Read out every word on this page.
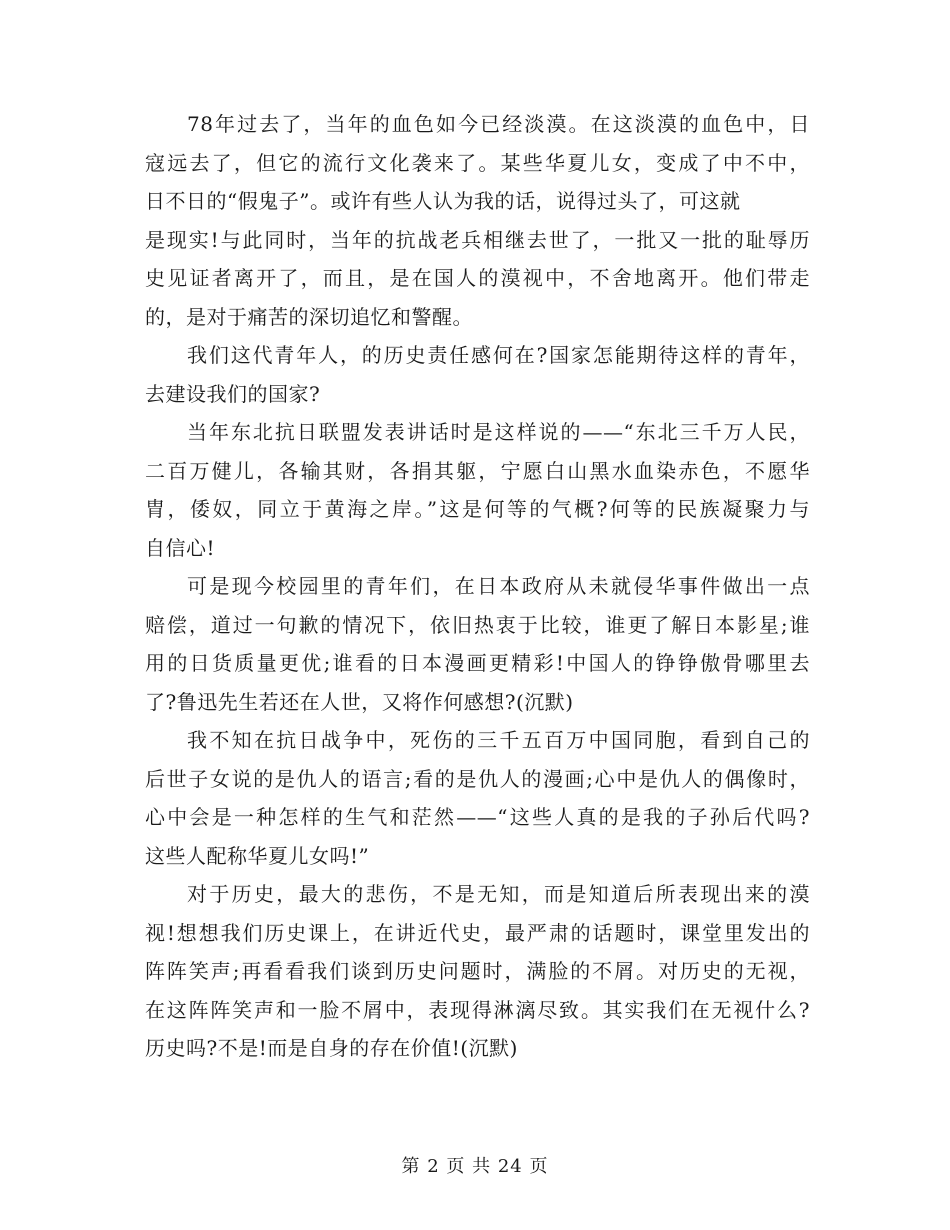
78年过去了，当年的血色如今已经淡漠。在这淡漠的血色中，日
寇远去了，但它的流行文化袭来了。某些华夏儿女，变成了中不中，
日不日的“假鬼子”。或许有些人认为我的话，说得过头了，可这就
是现实!与此同时，当年的抗战老兵相继去世了，一批又一批的耻辱历
史见证者离开了，而且，是在国人的漠视中，不舍地离开。他们带走
的，是对于痛苦的深切追忆和警醒。
我们这代青年人，的历史责任感何在?国家怎能期待这样的青年，
去建设我们的国家?
当年东北抗日联盟发表讲话时是这样说的——“东北三千万人民，
二百万健儿，各输其财，各捐其躯，宁愿白山黑水血染赤色，不愿华
胄，倭奴，同立于黄海之岸。”这是何等的气概?何等的民族凝聚力与
自信心!
可是现今校园里的青年们，在日本政府从未就侵华事件做出一点
赔偿，道过一句歉的情况下，依旧热衷于比较，谁更了解日本影星;谁
用的日货质量更优;谁看的日本漫画更精彩!中国人的铮铮傲骨哪里去
了?鲁迅先生若还在人世，又将作何感想?(沉默)
我不知在抗日战争中，死伤的三千五百万中国同胞，看到自己的
后世子女说的是仇人的语言;看的是仇人的漫画;心中是仇人的偶像时，
心中会是一种怎样的生气和茫然——“这些人真的是我的子孙后代吗?
这些人配称华夏儿女吗!”
对于历史，最大的悲伤，不是无知，而是知道后所表现出来的漠
视!想想我们历史课上，在讲近代史，最严肃的话题时，课堂里发出的
阵阵笑声;再看看我们谈到历史问题时，满脸的不屑。对历史的无视，
在这阵阵笑声和一脸不屑中，表现得淋漓尽致。其实我们在无视什么?
历史吗?不是!而是自身的存在价值!(沉默)
第 2 页 共 24 页
